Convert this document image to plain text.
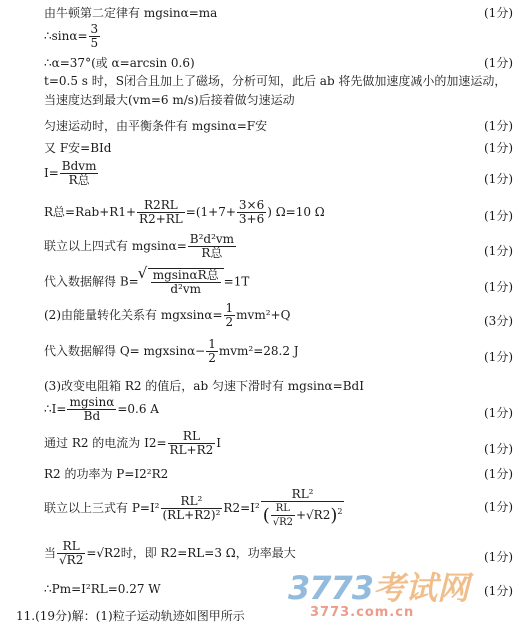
由牛顿第二定律有 mgsinα=ma	(1分)
∴sinα= $\frac{3}{5}$
∴α=37°(或 α=arcsin 0.6)	(1分)
t=0.5 s 时，S闭合且加上了磁场，分析可知，此后 ab 将先做加速度减小的加速运动，当速度达到最大(vm=6 m/s)后接着做匀速运动
匀速运动时，由平衡条件有 mgsinα=F安	(1分)
又 F安=BId	(1分)
$I= \frac{\text{Bdvm}}{\text{R总}}$	(1分)
R总$=Rab+R1+ \frac{R2RL}{R2+RL} =(1+7+ \frac{3\times 6}{3+6}$ ) Ω=10 Ω	(1分)
联立以上四式有 $mgsin\alpha= \frac{\text{B²d²vm}}{\text{R总}}$	(1分)
代入数据解得 B=
√ $\frac{\text{mgsinαR总}}{\text{d²vm}} =1T$	(1分)
(2)由能量转化关系有 $mgxsin\alpha= \frac{1}{2} mvm^2+Q$	(3分)
代入数据解得 $Q= mgxsin\alpha- \frac{1}{2} mvm^2=28.2$ J	(1分)
(3)改变电阻箱 R2 的值后，ab 匀速下滑时有 mgsinα=BdI
∴I= $\frac{mgsin\alpha}{Bd} =0.6$ A	(1分)
通过 R2 的电流为 $I2= \frac{RL}{RL+R2}$ I	(1分)
R2 的功率为 P=I2²R2	(1分)
联立以上三式有 $P=I^2 \frac{\text{RL²}}{\text{(RL+R2)²}} R2=I^2 \frac{\text{RL²}}{( \frac{RL}{√R2} +√R2)^2}$	(1分)
当 $\frac{RL}{√R2} =√R2$时，即 R2=RL=3 Ω，功率最大	(1分)
∴Pm=I²RL=0.27 W	(1分)
11.(19分)解：(1)粒子运动轨迹如图甲所示
3773考试网
3773.com.cn
